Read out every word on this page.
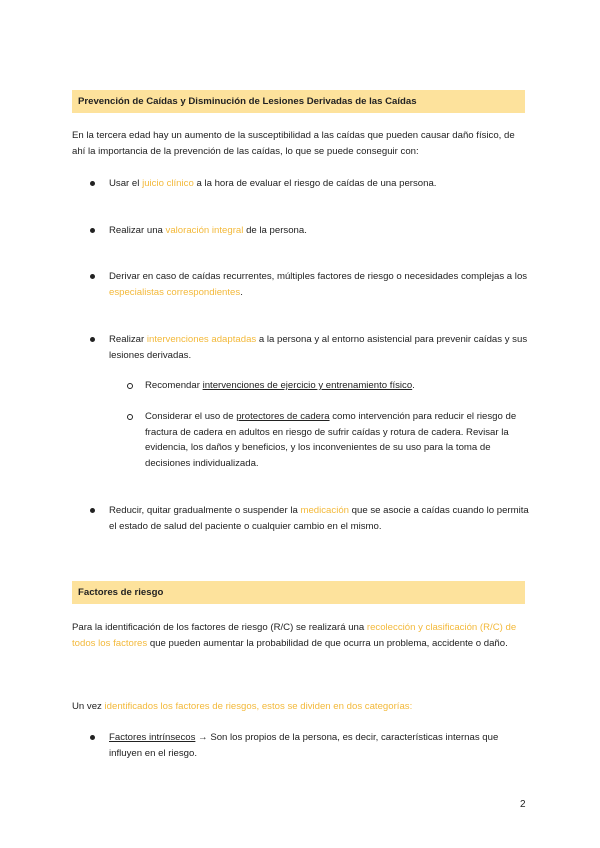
Prevención de Caídas y Disminución de Lesiones Derivadas de las Caídas
En la tercera edad hay un aumento de la susceptibilidad a las caídas que pueden causar daño físico, de ahí la importancia de la prevención de las caídas, lo que se puede conseguir con:
Usar el juicio clínico a la hora de evaluar el riesgo de caídas de una persona.
Realizar una valoración integral de la persona.
Derivar en caso de caídas recurrentes, múltiples factores de riesgo o necesidades complejas a los especialistas correspondientes.
Realizar intervenciones adaptadas a la persona y al entorno asistencial para prevenir caídas y sus lesiones derivadas.
Recomendar intervenciones de ejercicio y entrenamiento físico.
Considerar el uso de protectores de cadera como intervención para reducir el riesgo de fractura de cadera en adultos en riesgo de sufrir caídas y rotura de cadera. Revisar la evidencia, los daños y beneficios, y los inconvenientes de su uso para la toma de decisiones individualizada.
Reducir, quitar gradualmente o suspender la medicación que se asocie a caídas cuando lo permita el estado de salud del paciente o cualquier cambio en el mismo.
Factores de riesgo
Para la identificación de los factores de riesgo (R/C) se realizará una recolección y clasificación (R/C) de todos los factores que pueden aumentar la probabilidad de que ocurra un problema, accidente o daño.
Un vez identificados los factores de riesgos, estos se dividen en dos categorías:
Factores intrínsecos → Son los propios de la persona, es decir, características internas que influyen en el riesgo.
2
